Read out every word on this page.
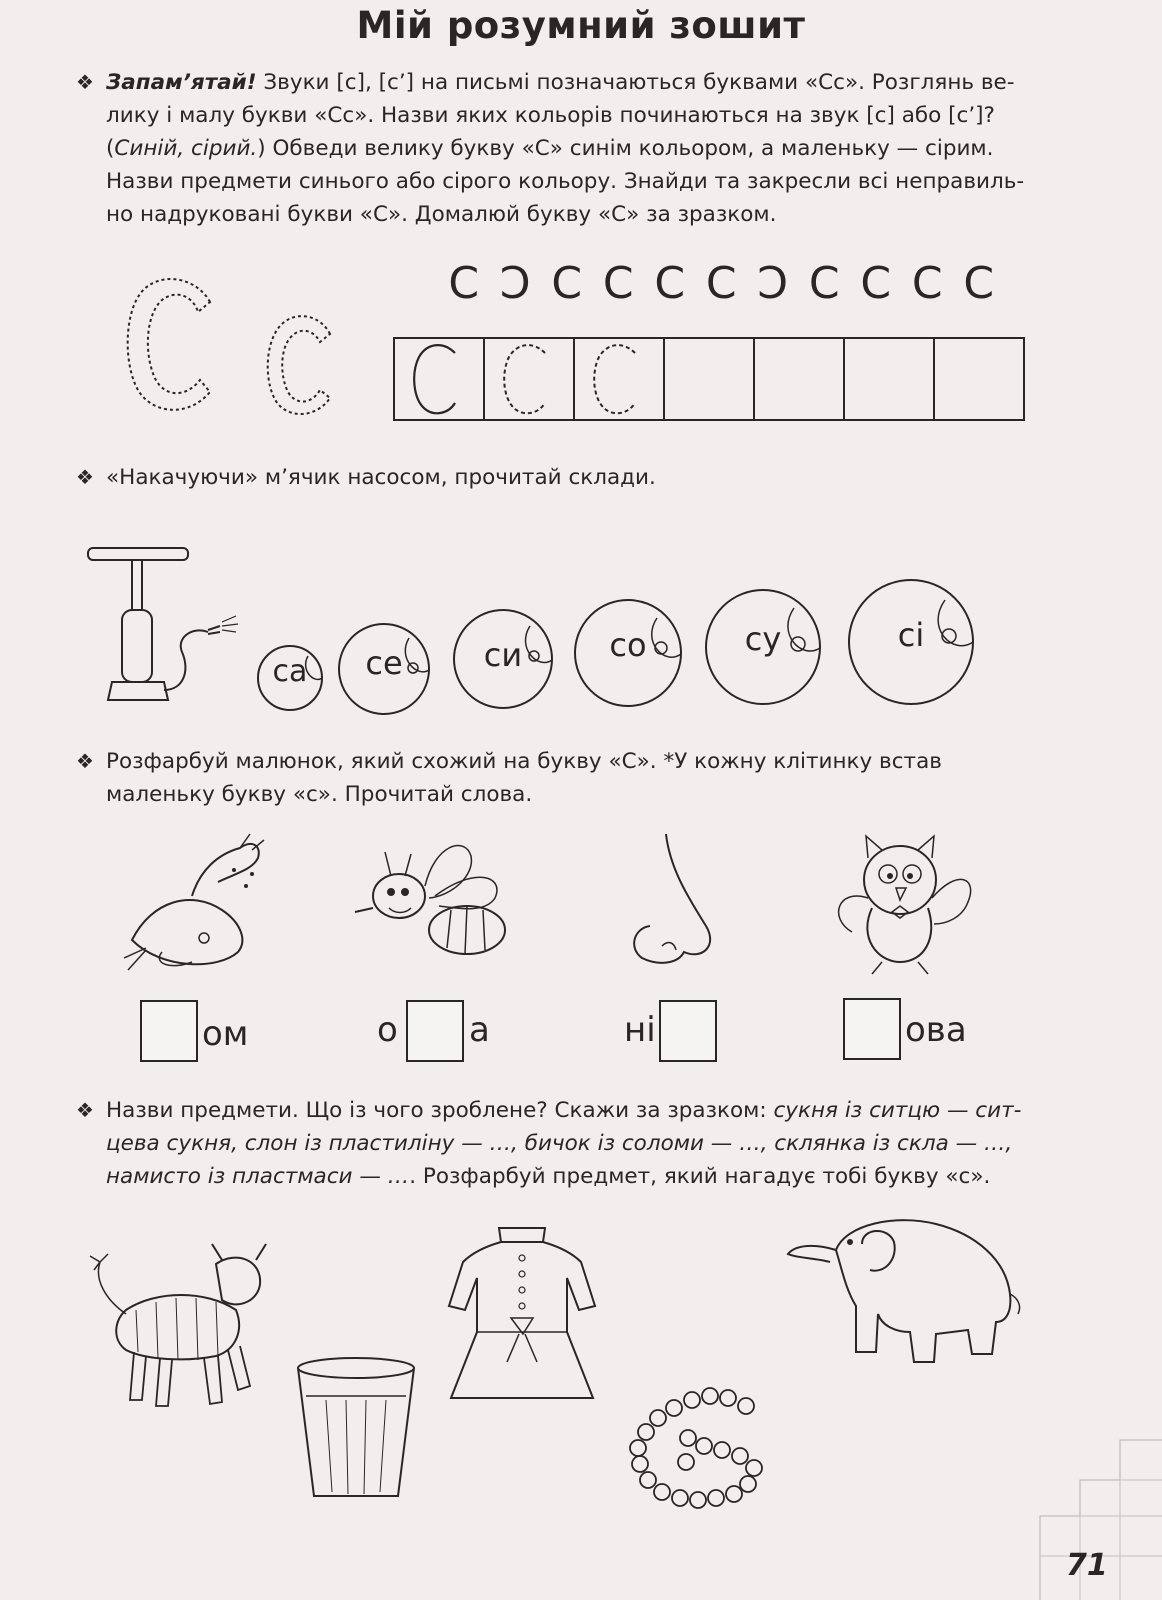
Мій розумний зошит
❖ Запам’ятай! Звуки [с], [с’] на письмі позначаються буквами «Сс». Розглянь ве-
лику і малу букви «Сс». Назви яких кольорів починаються на звук [с] або [с’]?
(Синій, сірий.) Обведи велику букву «С» синім кольором, а маленьку — сірим.
Назви предмети синього або сірого кольору. Знайди та закресли всі неправиль-
но надруковані букви «С». Домалюй букву «С» за зразком.
С Ɔ С С С С Ɔ С С С С
❖ «Накачуючи» м’ячик насосом, прочитай склади.
са	се	си	со	су	сі
❖ Розфарбуй малюнок, який схожий на букву «С». *У кожну клітинку встав
маленьку букву «с». Прочитай слова.
ом	о а	ні	ова
❖ Назви предмети. Що із чого зроблене? Скажи за зразком: сукня із ситцю — сит-
цева сукня, слон із пластиліну — …, бичок із соломи — …, склянка із скла — …,
намисто із пластмаси — …. Розфарбуй предмет, який нагадує тобі букву «с».
71
